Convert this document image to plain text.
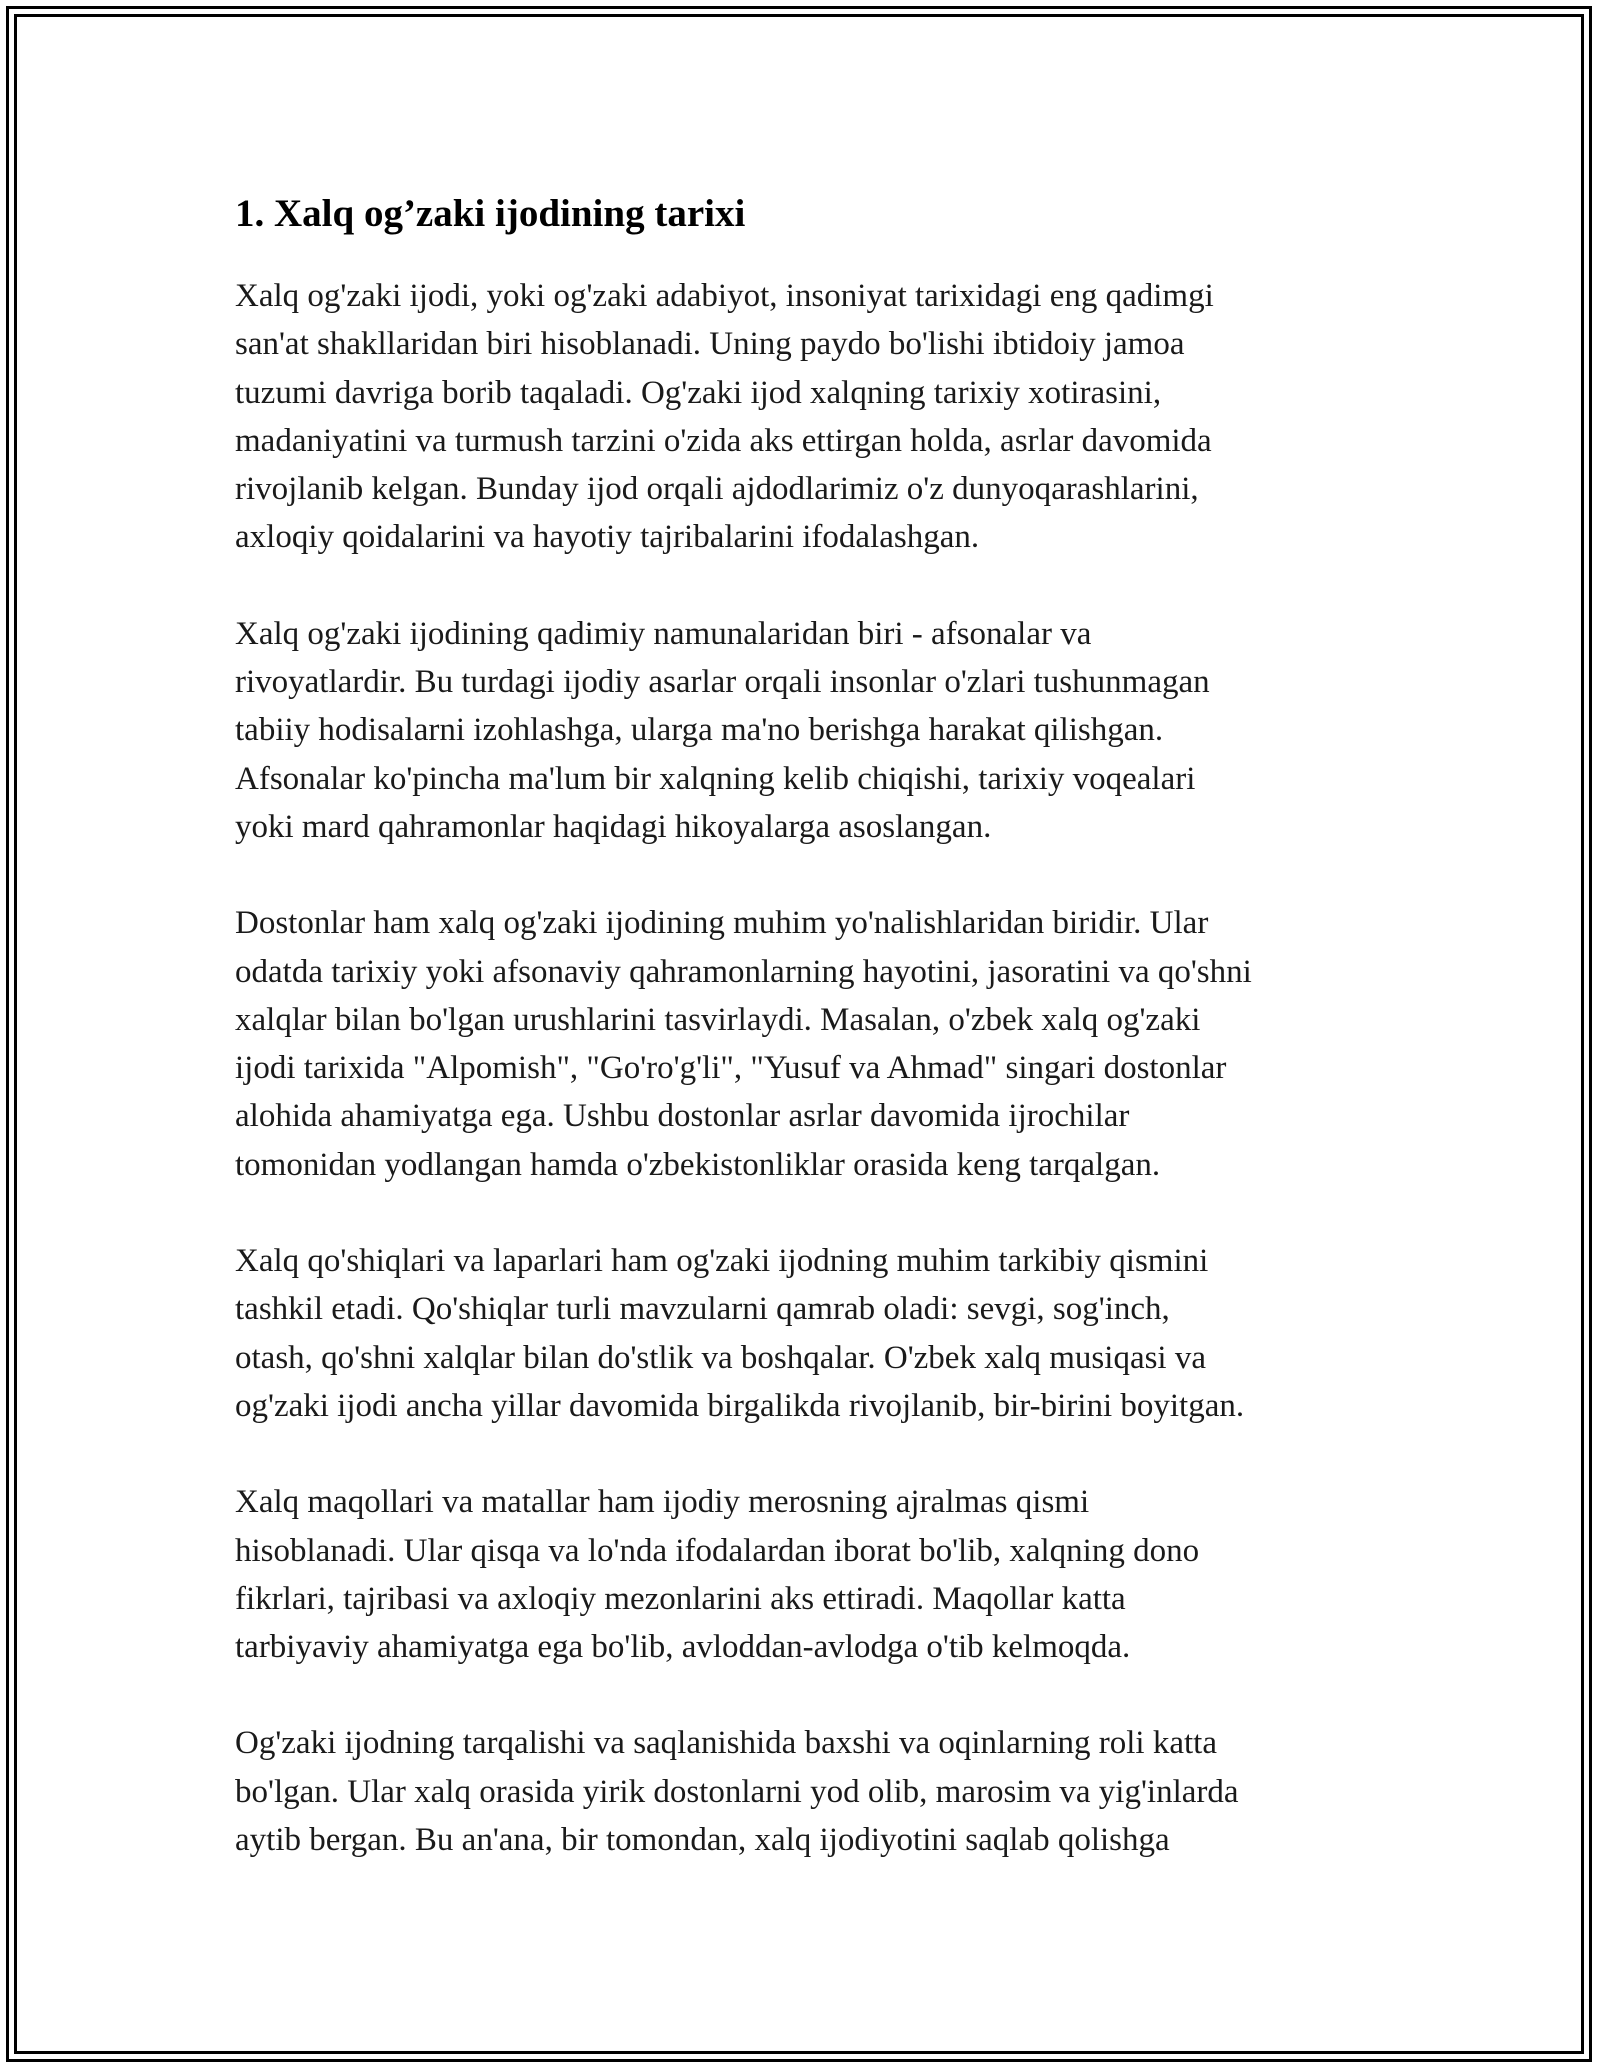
1. Xalq og’zaki ijodining tarixi

Xalq og'zaki ijodi, yoki og'zaki adabiyot, insoniyat tarixidagi eng qadimgi
san'at shakllaridan biri hisoblanadi. Uning paydo bo'lishi ibtidoiy jamoa
tuzumi davriga borib taqaladi. Og'zaki ijod xalqning tarixiy xotirasini,
madaniyatini va turmush tarzini o'zida aks ettirgan holda, asrlar davomida
rivojlanib kelgan. Bunday ijod orqali ajdodlarimiz o'z dunyoqarashlarini,
axloqiy qoidalarini va hayotiy tajribalarini ifodalashgan.

Xalq og'zaki ijodining qadimiy namunalaridan biri - afsonalar va
rivoyatlardir. Bu turdagi ijodiy asarlar orqali insonlar o'zlari tushunmagan
tabiiy hodisalarni izohlashga, ularga ma'no berishga harakat qilishgan.
Afsonalar ko'pincha ma'lum bir xalqning kelib chiqishi, tarixiy voqealari
yoki mard qahramonlar haqidagi hikoyalarga asoslangan.

Dostonlar ham xalq og'zaki ijodining muhim yo'nalishlaridan biridir. Ular
odatda tarixiy yoki afsonaviy qahramonlarning hayotini, jasoratini va qo'shni
xalqlar bilan bo'lgan urushlarini tasvirlaydi. Masalan, o'zbek xalq og'zaki
ijodi tarixida "Alpomish", "Go'ro'g'li", "Yusuf va Ahmad" singari dostonlar
alohida ahamiyatga ega. Ushbu dostonlar asrlar davomida ijrochilar
tomonidan yodlangan hamda o'zbekistonliklar orasida keng tarqalgan.

Xalq qo'shiqlari va laparlari ham og'zaki ijodning muhim tarkibiy qismini
tashkil etadi. Qo'shiqlar turli mavzularni qamrab oladi: sevgi, sog'inch,
otash, qo'shni xalqlar bilan do'stlik va boshqalar. O'zbek xalq musiqasi va
og'zaki ijodi ancha yillar davomida birgalikda rivojlanib, bir-birini boyitgan.

Xalq maqollari va matallar ham ijodiy merosning ajralmas qismi
hisoblanadi. Ular qisqa va lo'nda ifodalardan iborat bo'lib, xalqning dono
fikrlari, tajribasi va axloqiy mezonlarini aks ettiradi. Maqollar katta
tarbiyaviy ahamiyatga ega bo'lib, avloddan-avlodga o'tib kelmoqda.

Og'zaki ijodning tarqalishi va saqlanishida baxshi va oqinlarning roli katta
bo'lgan. Ular xalq orasida yirik dostonlarni yod olib, marosim va yig'inlarda
aytib bergan. Bu an'ana, bir tomondan, xalq ijodiyotini saqlab qolishga
